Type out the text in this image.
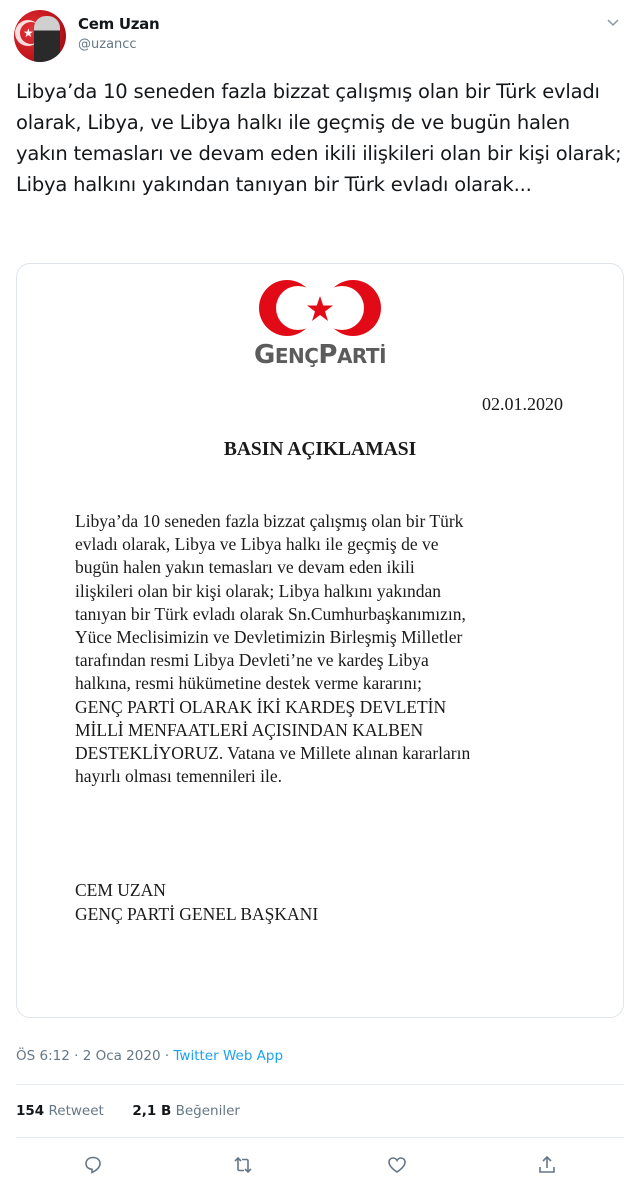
★	Cem Uzan
@uzancc
Libya’da 10 seneden fazla bizzat çalışmış olan bir Türk evladı olarak, Libya, ve Libya halkı ile geçmiş de ve bugün halen yakın temasları ve devam eden ikili ilişkileri olan bir kişi olarak; Libya halkını yakından tanıyan bir Türk evladı olarak...
GENÇPARTİ
02.01.2020
BASIN AÇIKLAMASI
Libya’da 10 seneden fazla bizzat çalışmış olan bir Türk
evladı olarak, Libya ve Libya halkı ile geçmiş de ve
bugün halen yakın temasları ve devam eden ikili
ilişkileri olan bir kişi olarak; Libya halkını yakından
tanıyan bir Türk evladı olarak Sn.Cumhurbaşkanımızın,
Yüce Meclisimizin ve Devletimizin Birleşmiş Milletler
tarafından resmi Libya Devleti’ne ve kardeş Libya
halkına, resmi hükümetine destek verme kararını;
GENÇ PARTİ OLARAK İKİ KARDEŞ DEVLETİN
MİLLİ MENFAATLERİ AÇISINDAN KALBEN
DESTEKLİYORUZ. Vatana ve Millete alınan kararların
hayırlı olması temennileri ile.
CEM UZAN
GENÇ PARTİ GENEL BAŞKANI
ÖS 6:12 · 2 Oca 2020 · Twitter Web App
154 Retweet 2,1 B Beğeniler
